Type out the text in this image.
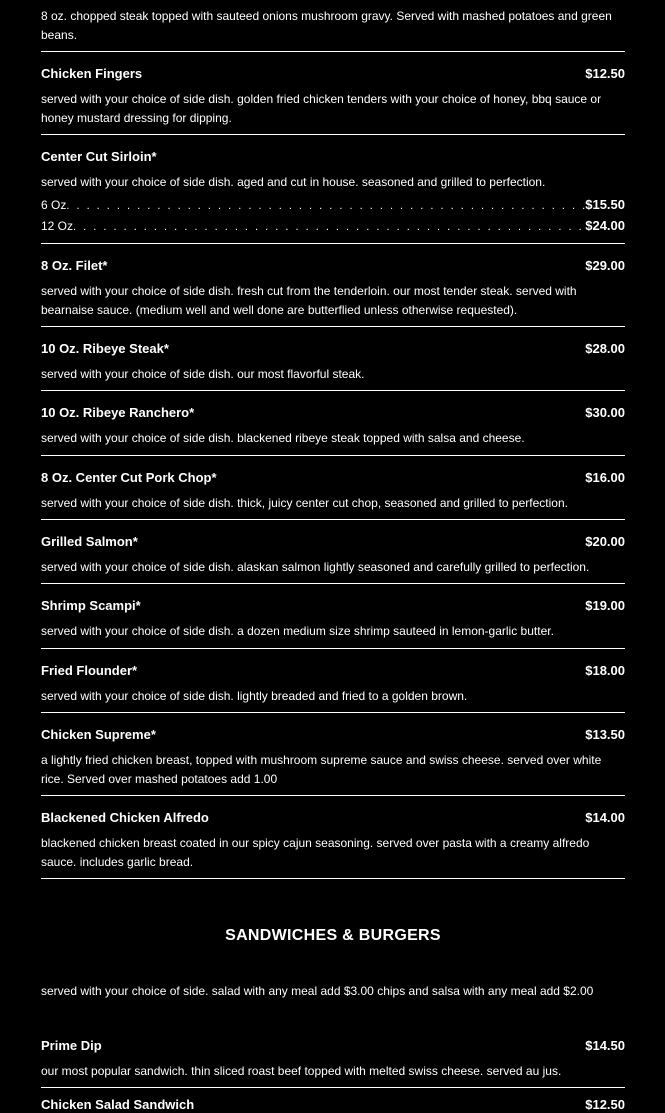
8 oz. chopped steak topped with sauteed onions mushroom gravy. Served with mashed potatoes and green beans.
Chicken Fingers	$12.50
served with your choice of side dish. golden fried chicken tenders with your choice of honey, bbq sauce or honey mustard dressing for dipping.
Center Cut Sirloin*
served with your choice of side dish. aged and cut in house. seasoned and grilled to perfection.
6 Oz . . .	$15.50
12 Oz . . .	$24.00
8 Oz. Filet*	$29.00
served with your choice of side dish. fresh cut from the tenderloin. our most tender steak. served with bearnaise sauce. (medium well and well done are butterflied unless otherwise requested).
10 Oz. Ribeye Steak*	$28.00
served with your choice of side dish. our most flavorful steak.
10 Oz. Ribeye Ranchero*	$30.00
served with your choice of side dish. blackened ribeye steak topped with salsa and cheese.
8 Oz. Center Cut Pork Chop*	$16.00
served with your choice of side dish. thick, juicy center cut chop, seasoned and grilled to perfection.
Grilled Salmon*	$20.00
served with your choice of side dish. alaskan salmon lightly seasoned and carefully grilled to perfection.
Shrimp Scampi*	$19.00
served with your choice of side dish. a dozen medium size shrimp sauteed in lemon-garlic butter.
Fried Flounder*	$18.00
served with your choice of side dish. lightly breaded and fried to a golden brown.
Chicken Supreme*	$13.50
a lightly fried chicken breast, topped with mushroom supreme sauce and swiss cheese. served over white rice. Served over mashed potatoes add 1.00
Blackened Chicken Alfredo	$14.00
blackened chicken breast coated in our spicy cajun seasoning. served over pasta with a creamy alfredo sauce. includes garlic bread.
SANDWICHES & BURGERS
served with your choice of side. salad with any meal add $3.00 chips and salsa with any meal add $2.00
Prime Dip	$14.50
our most popular sandwich. thin sliced roast beef topped with melted swiss cheese. served au jus.
Chicken Salad Sandwich	$12.50
